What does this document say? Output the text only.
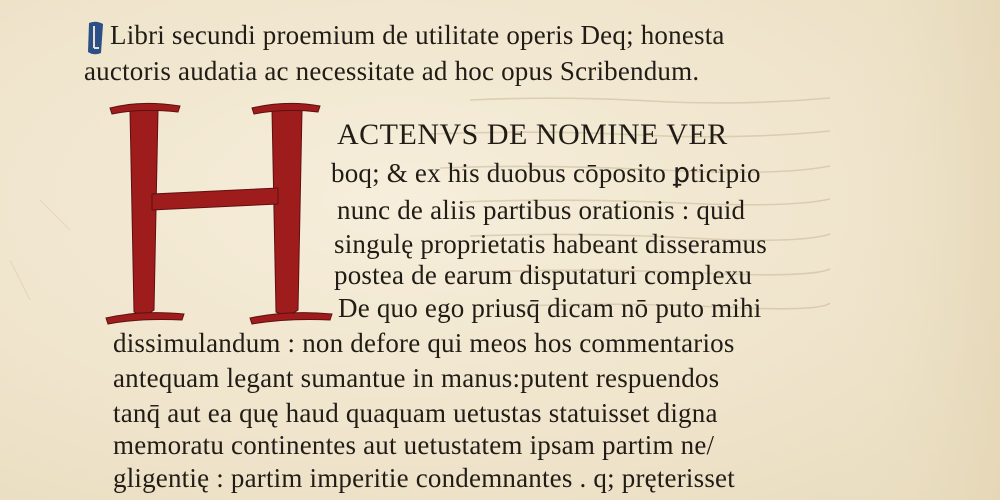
Libri secundi proemium de utilitate operis Deq; honesta

auctoris audatia ac necessitate ad hoc opus Scribendum.

ACTENVS DE NOMINE VER

boq; & ex his duobus cōposito ꝑticipio

nunc de aliis partibus orationis : quid

singulę proprietatis habeant disseramus

postea de earum disputaturi complexu

De quo ego priusq̄ dicam nō puto mihi

dissimulandum : non defore qui meos hos commentarios

antequam legant sumantue in manus:putent respuendos

tanq̄ aut ea quę haud quaquam uetustas statuisset digna

memoratu continentes aut uetustatem ipsam partim ne/

gligentię : partim imperitie condemnantes . q; pręterisset
